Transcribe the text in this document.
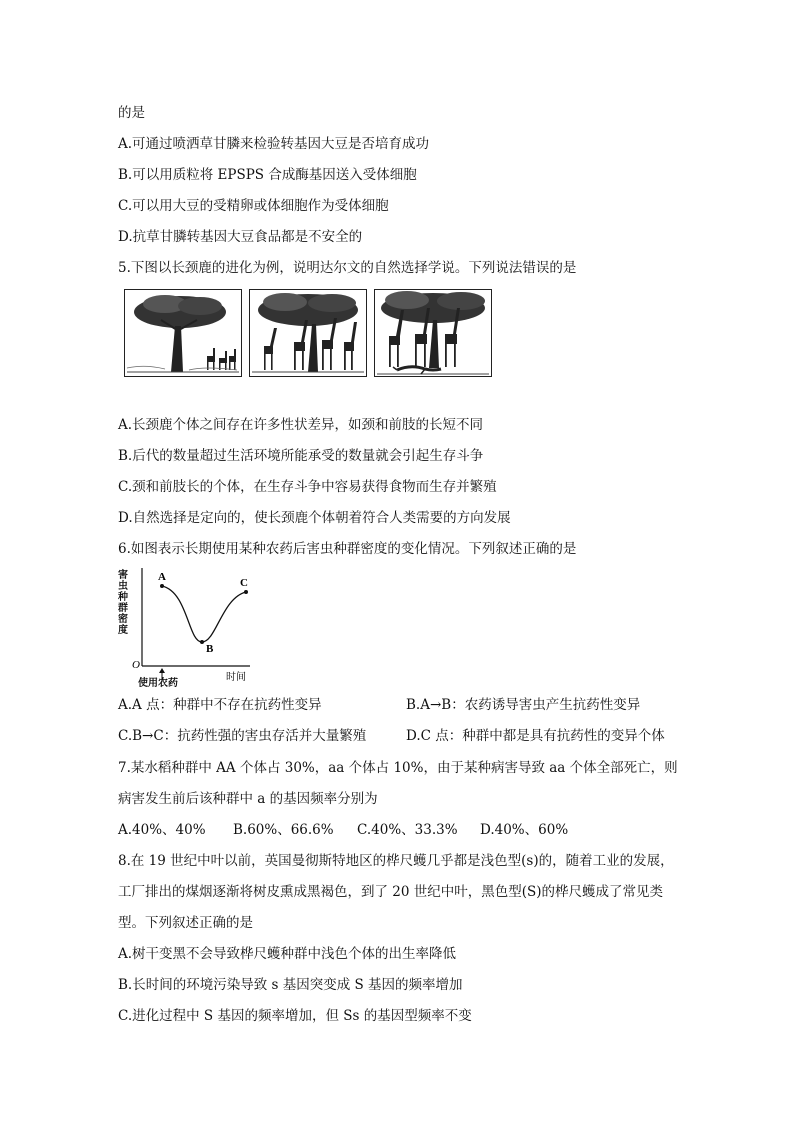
的是
A.可通过喷洒草甘膦来检验转基因大豆是否培育成功
B.可以用质粒将 EPSPS 合成酶基因送入受体细胞
C.可以用大豆的受精卵或体细胞作为受体细胞
D.抗草甘膦转基因大豆食品都是不安全的
5.下图以长颈鹿的进化为例，说明达尔文的自然选择学说。下列说法错误的是
A.长颈鹿个体之间存在许多性状差异，如颈和前肢的长短不同
B.后代的数量超过生活环境所能承受的数量就会引起生存斗争
C.颈和前肢长的个体，在生存斗争中容易获得食物而生存并繁殖
D.自然选择是定向的，使长颈鹿个体朝着符合人类需要的方向发展
6.如图表示长期使用某种农药后害虫种群密度的变化情况。下列叙述正确的是
A
B
C
O
时间
害虫种群密度
使用农药
A.A 点：种群中不存在抗药性变异	B.A→B：农药诱导害虫产生抗药性变异
C.B→C：抗药性强的害虫存活并大量繁殖	D.C 点：种群中都是具有抗药性的变异个体
7.某水稻种群中 AA 个体占 30%，aa 个体占 10%，由于某种病害导致 aa 个体全部死亡，则
病害发生前后该种群中 a 的基因频率分别为
A.40%、40% B.60%、66.6% C.40%、33.3% D.40%、60%
8.在 19 世纪中叶以前，英国曼彻斯特地区的桦尺蠖几乎都是浅色型(s)的，随着工业的发展，
工厂排出的煤烟逐渐将树皮熏成黑褐色，到了 20 世纪中叶，黑色型(S)的桦尺蠖成了常见类
型。下列叙述正确的是
A.树干变黑不会导致桦尺蠖种群中浅色个体的出生率降低
B.长时间的环境污染导致 s 基因突变成 S 基因的频率增加
C.进化过程中 S 基因的频率增加，但 Ss 的基因型频率不变
